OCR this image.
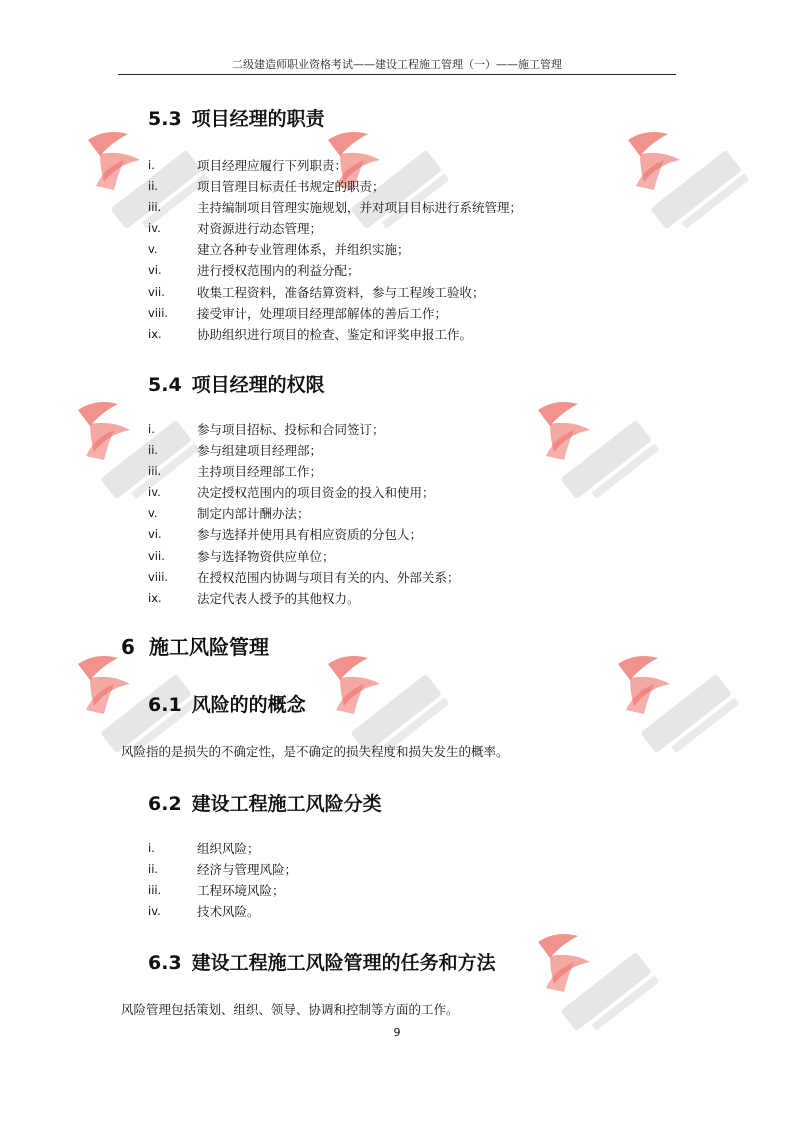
二级建造师职业资格考试——建设工程施工管理（一）——施工管理
5.3 项目经理的职责
i.	项目经理应履行下列职责：
ii.	项目管理目标责任书规定的职责；
iii.	主持编制项目管理实施规划，并对项目目标进行系统管理；
iv.	对资源进行动态管理；
v.	建立各种专业管理体系，并组织实施；
vi.	进行授权范围内的利益分配；
vii.	收集工程资料，准备结算资料，参与工程竣工验收；
viii. 接受审计，处理项目经理部解体的善后工作；
ix.	协助组织进行项目的检查、鉴定和评奖申报工作。
5.4 项目经理的权限
i.	参与项目招标、投标和合同签订；
ii.	参与组建项目经理部；
iii.	主持项目经理部工作；
iv.	决定授权范围内的项目资金的投入和使用；
v.	制定内部计酬办法；
vi.	参与选择并使用具有相应资质的分包人；
vii.	参与选择物资供应单位；
viii. 在授权范围内协调与项目有关的内、外部关系；
ix.	法定代表人授予的其他权力。
6 施工风险管理
6.1 风险的的概念
风险指的是损失的不确定性，是不确定的损失程度和损失发生的概率。
6.2 建设工程施工风险分类
i.	组织风险；
ii.	经济与管理风险；
iii.	工程环境风险；
iv.	技术风险。
6.3 建设工程施工风险管理的任务和方法
风险管理包括策划、组织、领导、协调和控制等方面的工作。
9
